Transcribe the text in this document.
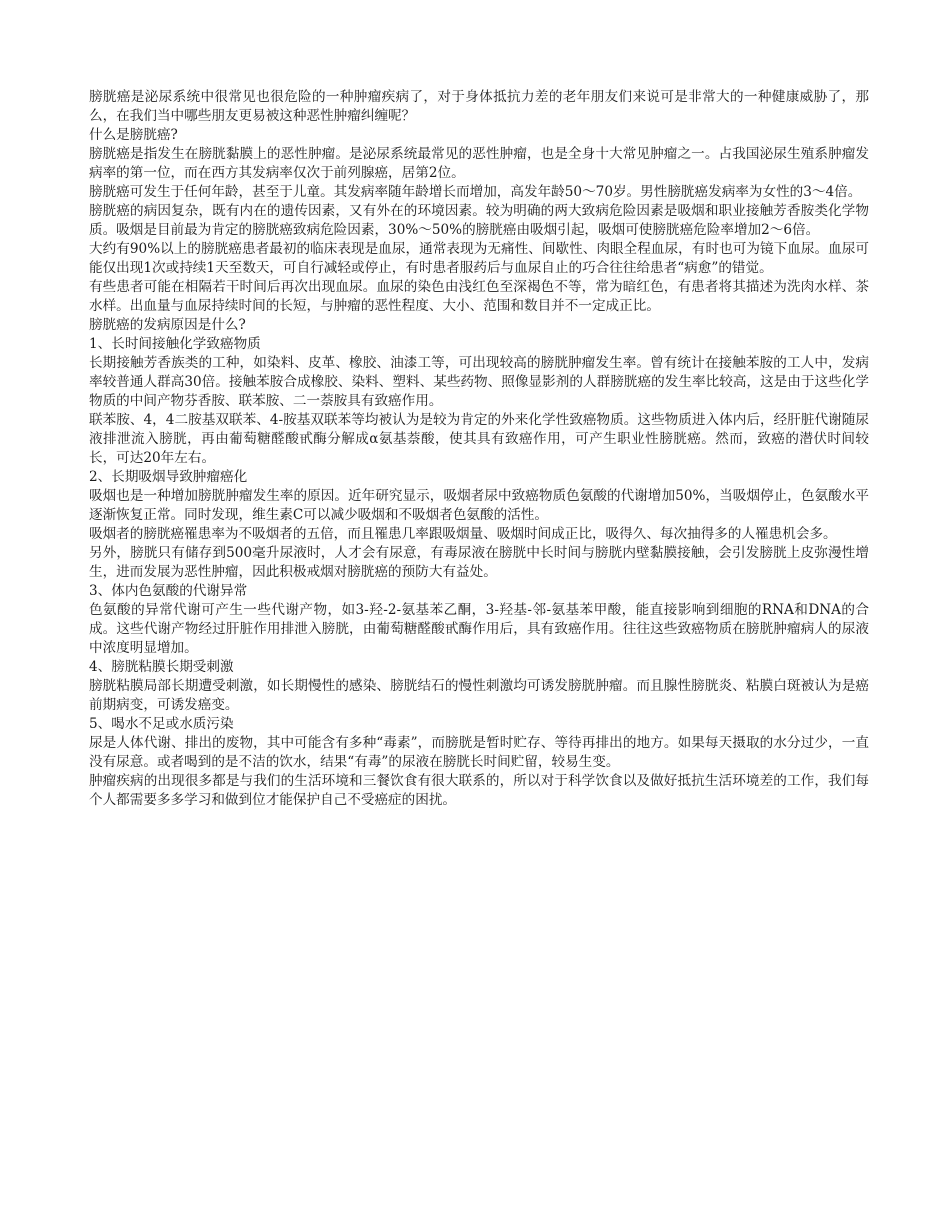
膀胱癌是泌尿系统中很常见也很危险的一种肿瘤疾病了，对于身体抵抗力差的老年朋友们来说可是非常大的一种健康威胁了，那么，在我们当中哪些朋友更易被这种恶性肿瘤纠缠呢？

什么是膀胱癌?

膀胱癌是指发生在膀胱黏膜上的恶性肿瘤。是泌尿系统最常见的恶性肿瘤，也是全身十大常见肿瘤之一。占我国泌尿生殖系肿瘤发病率的第一位，而在西方其发病率仅次于前列腺癌，居第2位。

膀胱癌可发生于任何年龄，甚至于儿童。其发病率随年龄增长而增加，高发年龄50～70岁。男性膀胱癌发病率为女性的3～4倍。

膀胱癌的病因复杂，既有内在的遗传因素，又有外在的环境因素。较为明确的两大致病危险因素是吸烟和职业接触芳香胺类化学物质。吸烟是目前最为肯定的膀胱癌致病危险因素，30%～50%的膀胱癌由吸烟引起，吸烟可使膀胱癌危险率增加2～6倍。

大约有90%以上的膀胱癌患者最初的临床表现是血尿，通常表现为无痛性、间歇性、肉眼全程血尿，有时也可为镜下血尿。血尿可能仅出现1次或持续1天至数天，可自行减轻或停止，有时患者服药后与血尿自止的巧合往往给患者“病愈”的错觉。

有些患者可能在相隔若干时间后再次出现血尿。血尿的染色由浅红色至深褐色不等，常为暗红色，有患者将其描述为洗肉水样、茶水样。出血量与血尿持续时间的长短，与肿瘤的恶性程度、大小、范围和数目并不一定成正比。

膀胱癌的发病原因是什么?

1、长时间接触化学致癌物质

长期接触芳香族类的工种，如染料、皮革、橡胶、油漆工等，可出现较高的膀胱肿瘤发生率。曾有统计在接触苯胺的工人中，发病率较普通人群高30倍。接触苯胺合成橡胶、染料、塑料、某些药物、照像显影剂的人群膀胱癌的发生率比较高，这是由于这些化学物质的中间产物芬香胺、联苯胺、二一萘胺具有致癌作用。

联苯胺、4，4二胺基双联苯、4-胺基双联苯等均被认为是较为肯定的外来化学性致癌物质。这些物质进入体内后，经肝脏代谢随尿液排泄流入膀胱，再由葡萄糖醛酸甙酶分解成α氨基萘酸，使其具有致癌作用，可产生职业性膀胱癌。然而，致癌的潜伏时间较长，可达20年左右。

2、长期吸烟导致肿瘤癌化

吸烟也是一种增加膀胱肿瘤发生率的原因。近年研究显示，吸烟者尿中致癌物质色氨酸的代谢增加50%，当吸烟停止，色氨酸水平逐渐恢复正常。同时发现，维生素C可以减少吸烟和不吸烟者色氨酸的活性。

吸烟者的膀胱癌罹患率为不吸烟者的五倍，而且罹患几率跟吸烟量、吸烟时间成正比，吸得久、每次抽得多的人罹患机会多。

另外，膀胱只有储存到500毫升尿液时，人才会有尿意，有毒尿液在膀胱中长时间与膀胱内壁黏膜接触，会引发膀胱上皮弥漫性增生，进而发展为恶性肿瘤，因此积极戒烟对膀胱癌的预防大有益处。

3、体内色氨酸的代谢异常

色氨酸的异常代谢可产生一些代谢产物，如3-羟-2-氨基苯乙酮，3-羟基-邻-氨基苯甲酸，能直接影响到细胞的RNA和DNA的合成。这些代谢产物经过肝脏作用排泄入膀胱，由葡萄糖醛酸甙酶作用后，具有致癌作用。往往这些致癌物质在膀胱肿瘤病人的尿液中浓度明显增加。

4、膀胱粘膜长期受刺激

膀胱粘膜局部长期遭受刺激，如长期慢性的感染、膀胱结石的慢性刺激均可诱发膀胱肿瘤。而且腺性膀胱炎、粘膜白斑被认为是癌前期病变，可诱发癌变。

5、喝水不足或水质污染

尿是人体代谢、排出的废物，其中可能含有多种“毒素”，而膀胱是暂时贮存、等待再排出的地方。如果每天摄取的水分过少，一直没有尿意。或者喝到的是不洁的饮水，结果“有毒”的尿液在膀胱长时间贮留，较易生变。

肿瘤疾病的出现很多都是与我们的生活环境和三餐饮食有很大联系的，所以对于科学饮食以及做好抵抗生活环境差的工作，我们每个人都需要多多学习和做到位才能保护自己不受癌症的困扰。
